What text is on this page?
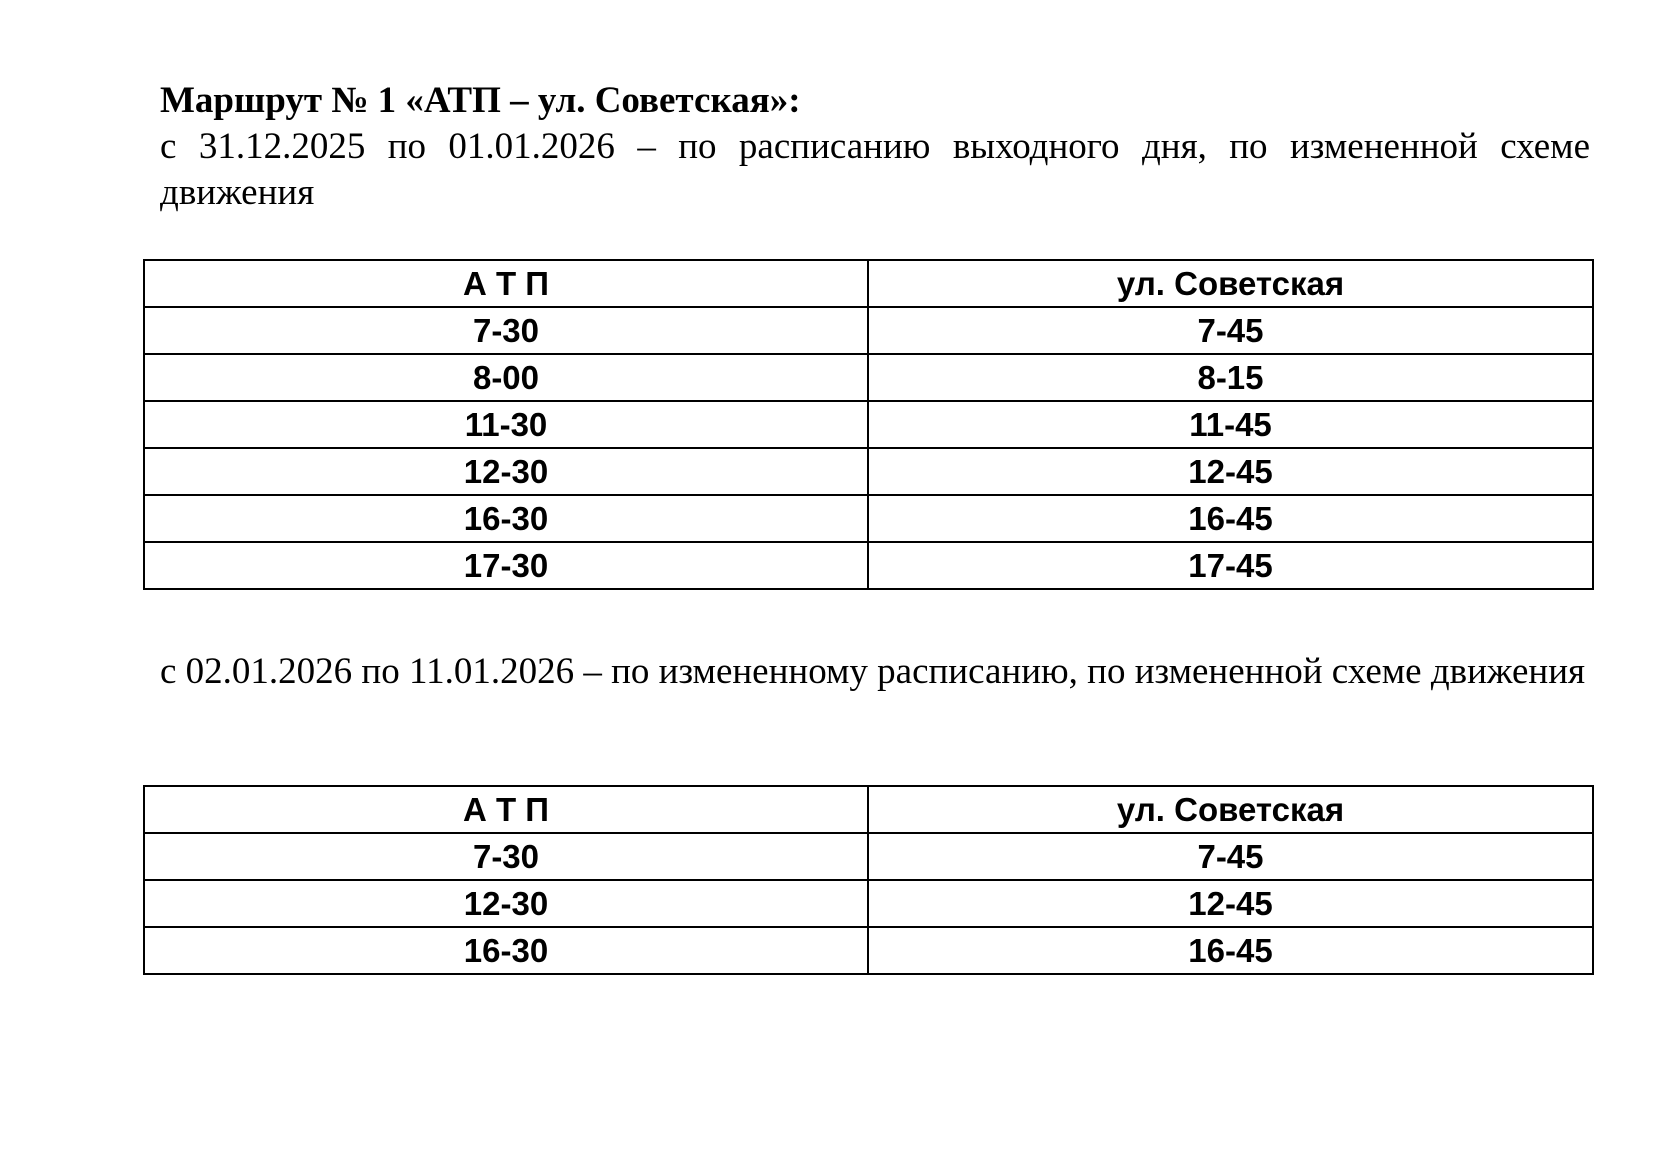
Маршрут № 1 «АТП – ул. Советская»:
с 31.12.2025 по 01.01.2026 – по расписанию выходного дня, по измененной схеме движения
А Т П	ул. Советская
7-30	7-45
8-00	8-15
11-30	11-45
12-30	12-45
16-30	16-45
17-30	17-45
с 02.01.2026 по 11.01.2026 – по измененному расписанию, по измененной схеме движения
А Т П	ул. Советская
7-30	7-45
12-30	12-45
16-30	16-45
